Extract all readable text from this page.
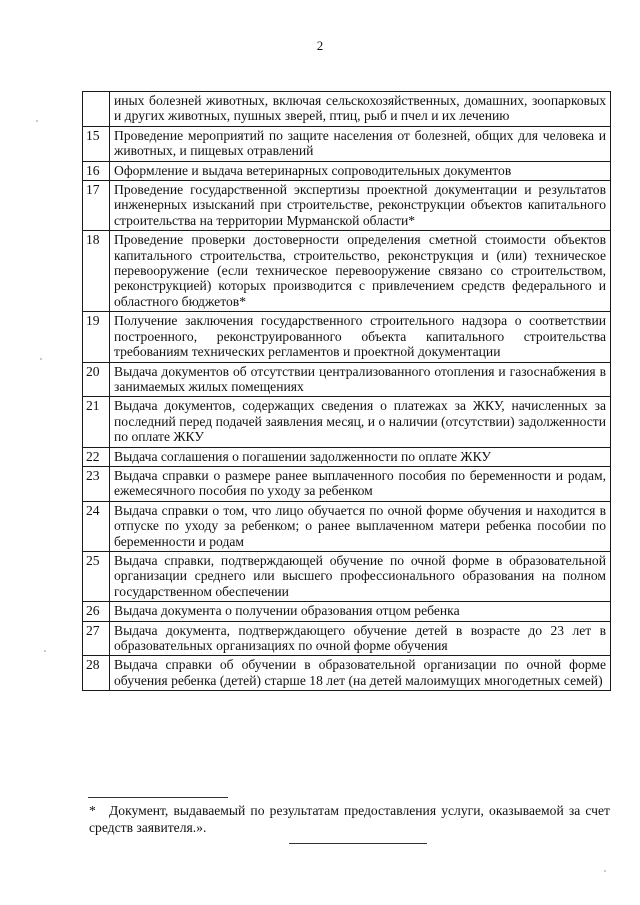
2
	иных болезней животных, включая сельскохозяйственных, домашних, зоопарковых и других животных, пушных зверей, птиц, рыб и пчел и их лечению
15	Проведение мероприятий по защите населения от болезней, общих для человека и животных, и пищевых отравлений
16	Оформление и выдача ветеринарных сопроводительных документов
17	Проведение государственной экспертизы проектной документации и результатов инженерных изысканий при строительстве, реконструкции объектов капитального строительства на территории Мурманской области*
18	Проведение проверки достоверности определения сметной стоимости объектов капитального строительства, строительство, реконструкция и (или) техническое перевооружение (если техническое перевооружение связано со строительством, реконструкцией) которых производится с привлечением средств федерального и областного бюджетов*
19	Получение заключения государственного строительного надзора о соответствии построенного, реконструированного объекта капитального строительства требованиям технических регламентов и проектной документации
20	Выдача документов об отсутствии централизованного отопления и газоснабжения в занимаемых жилых помещениях
21	Выдача документов, содержащих сведения о платежах за ЖКУ, начисленных за последний перед подачей заявления месяц, и о наличии (отсутствии) задолженности по оплате ЖКУ
22	Выдача соглашения о погашении задолженности по оплате ЖКУ
23	Выдача справки о размере ранее выплаченного пособия по беременности и родам, ежемесячного пособия по уходу за ребенком
24	Выдача справки о том, что лицо обучается по очной форме обучения и находится в отпуске по уходу за ребенком; о ранее выплаченном матери ребенка пособии по беременности и родам
25	Выдача справки, подтверждающей обучение по очной форме в образовательной организации среднего или высшего профессионального образования на полном государственном обеспечении
26	Выдача документа о получении образования отцом ребенка
27	Выдача документа, подтверждающего обучение детей в возрасте до 23 лет в образовательных организациях по очной форме обучения
28	Выдача справки об обучении в образовательной организации по очной форме обучения ребенка (детей) старше 18 лет (на детей малоимущих многодетных семей)
* Документ, выдаваемый по результатам предоставления услуги, оказываемой за счет средств заявителя.».
